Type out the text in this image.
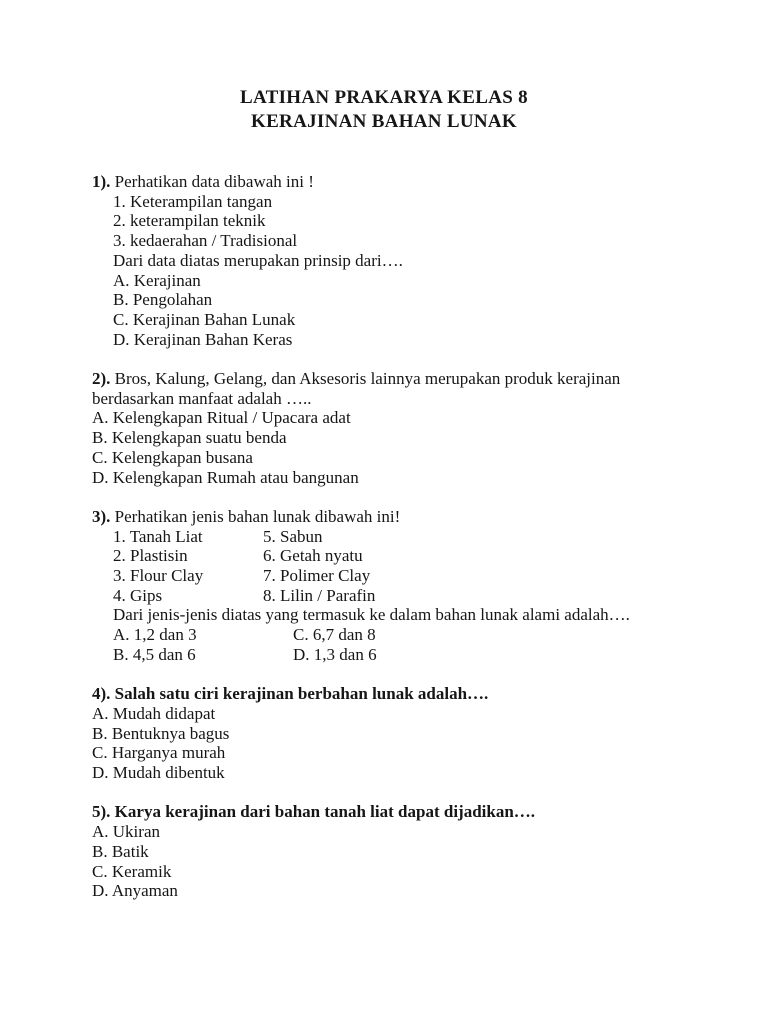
LATIHAN PRAKARYA KELAS 8
KERAJINAN BAHAN LUNAK

1). Perhatikan data dibawah ini !

1. Keterampilan tangan

2. keterampilan teknik

3. kedaerahan / Tradisional

Dari data diatas merupakan prinsip dari….

A. Kerajinan

B. Pengolahan

C. Kerajinan Bahan Lunak

D. Kerajinan Bahan Keras

2). Bros, Kalung, Gelang, dan Aksesoris lainnya merupakan produk kerajinan berdasarkan manfaat adalah …..

A. Kelengkapan Ritual / Upacara adat

B. Kelengkapan suatu benda

C. Kelengkapan busana

D. Kelengkapan Rumah atau bangunan

3). Perhatikan jenis bahan lunak dibawah ini!

1. Tanah Liat	5. Sabun
2. Plastisin	6. Getah nyatu
3. Flour Clay	7. Polimer Clay
4. Gips	8. Lilin / Parafin

Dari jenis-jenis diatas yang termasuk ke dalam bahan lunak alami adalah….

A. 1,2 dan 3	C. 6,7 dan 8
B. 4,5 dan 6	D. 1,3 dan 6

4). Salah satu ciri kerajinan berbahan lunak adalah….

A. Mudah didapat

B. Bentuknya bagus

C. Harganya murah

D. Mudah dibentuk

5). Karya kerajinan dari bahan tanah liat dapat dijadikan….

A. Ukiran

B. Batik

C. Keramik

D. Anyaman
